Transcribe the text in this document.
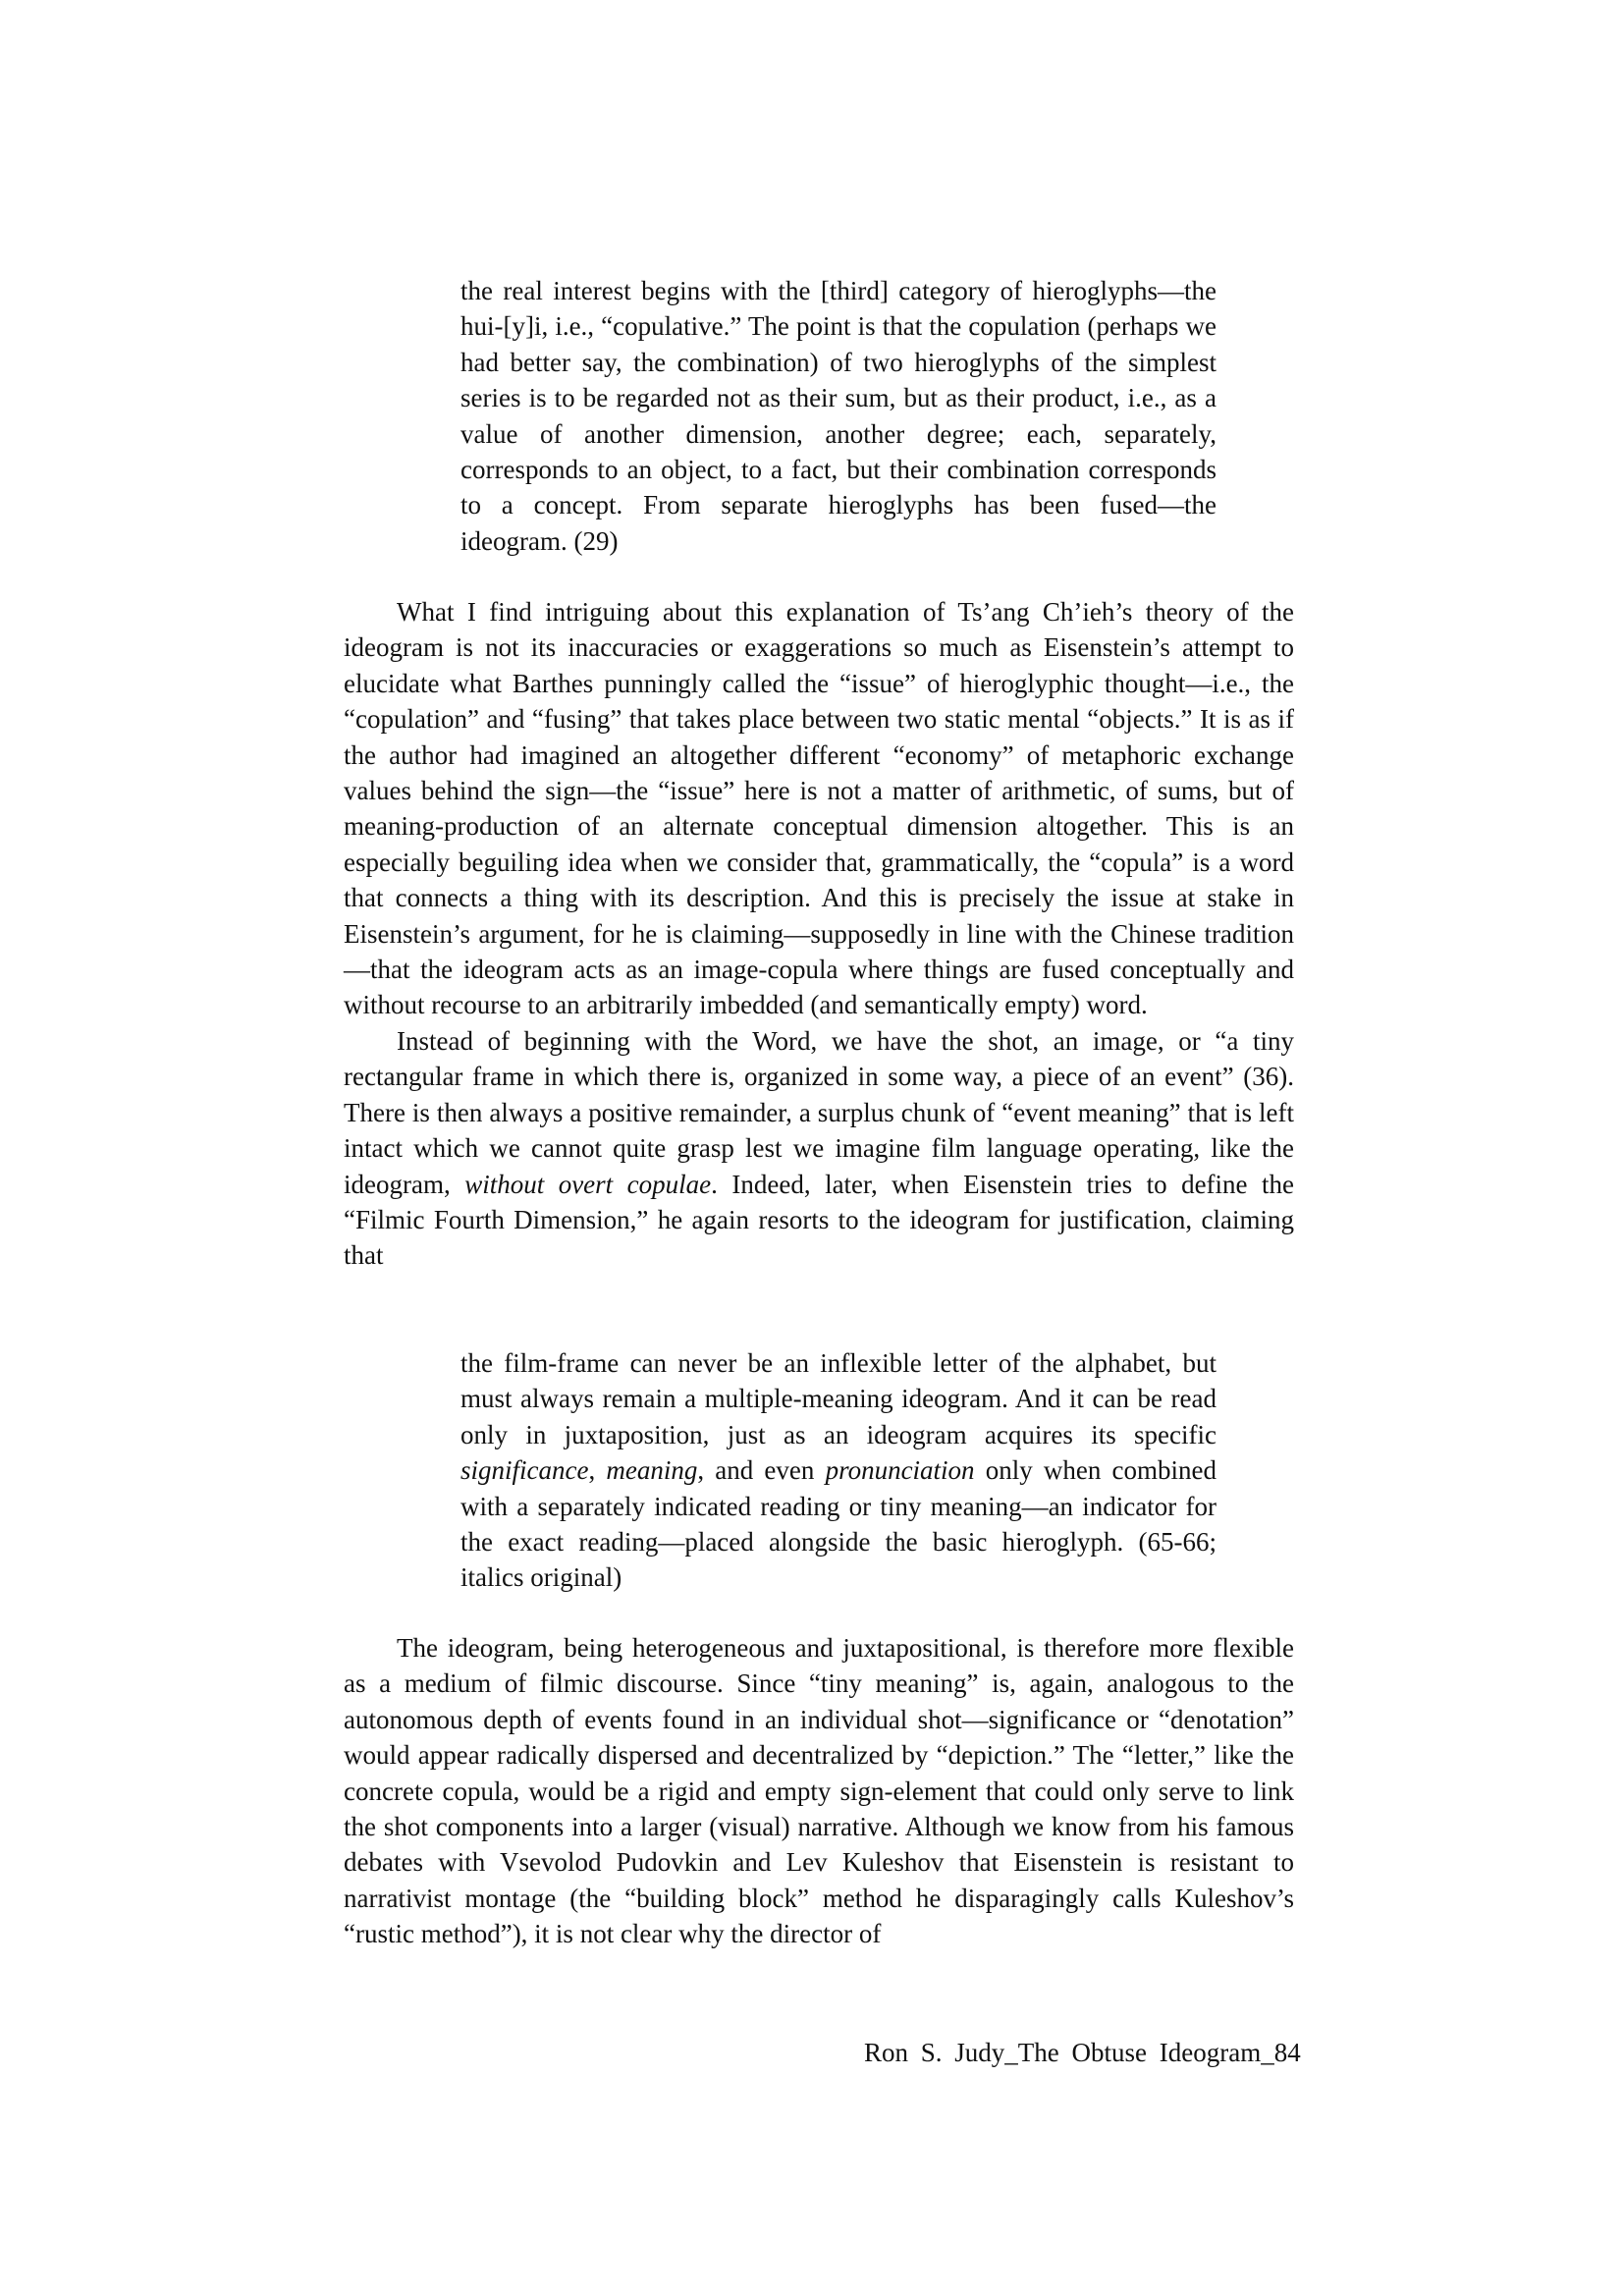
the real interest begins with the [third] category of hieroglyphs—the hui-[y]i, i.e., “copulative.” The point is that the copulation (perhaps we had better say, the combination) of two hieroglyphs of the simplest series is to be regarded not as their sum, but as their product, i.e., as a value of another dimension, another degree; each, separately, corresponds to an object, to a fact, but their combination corresponds to a concept. From separate hieroglyphs has been fused—the ideogram. (29)

What I find intriguing about this explanation of Ts’ang Ch’ieh’s theory of the ideogram is not its inaccuracies or exaggerations so much as Eisenstein’s attempt to elucidate what Barthes punningly called the “issue” of hieroglyphic thought—i.e., the “copulation” and “fusing” that takes place between two static mental “objects.” It is as if the author had imagined an altogether different “economy” of metaphoric exchange values behind the sign—the “issue” here is not a matter of arithmetic, of sums, but of meaning-production of an alternate conceptual dimension altogether. This is an especially beguiling idea when we consider that, grammatically, the “copula” is a word that connects a thing with its description. And this is precisely the issue at stake in Eisenstein’s argument, for he is claiming—supposedly in line with the Chinese tradition—that the ideogram acts as an image-copula where things are fused conceptually and without recourse to an arbitrarily imbedded (and semantically empty) word.

Instead of beginning with the Word, we have the shot, an image, or “a tiny rectangular frame in which there is, organized in some way, a piece of an event” (36). There is then always a positive remainder, a surplus chunk of “event meaning” that is left intact which we cannot quite grasp lest we imagine film language operating, like the ideogram, without overt copulae. Indeed, later, when Eisenstein tries to define the “Filmic Fourth Dimension,” he again resorts to the ideogram for justification, claiming that

the film-frame can never be an inflexible letter of the alphabet, but must always remain a multiple-meaning ideogram. And it can be read only in juxtaposition, just as an ideogram acquires its specific significance, meaning, and even pronunciation only when combined with a separately indicated reading or tiny meaning—an indicator for the exact reading—placed alongside the basic hieroglyph. (65-66; italics original)

The ideogram, being heterogeneous and juxtapositional, is therefore more flexible as a medium of filmic discourse. Since “tiny meaning” is, again, analogous to the autonomous depth of events found in an individual shot—significance or “denotation” would appear radically dispersed and decentralized by “depiction.” The “letter,” like the concrete copula, would be a rigid and empty sign-element that could only serve to link the shot components into a larger (visual) narrative. Although we know from his famous debates with Vsevolod Pudovkin and Lev Kuleshov that Eisenstein is resistant to narrativist montage (the “building block” method he disparagingly calls Kuleshov’s “rustic method”), it is not clear why the director of

Ron S. Judy_The Obtuse Ideogram_84
